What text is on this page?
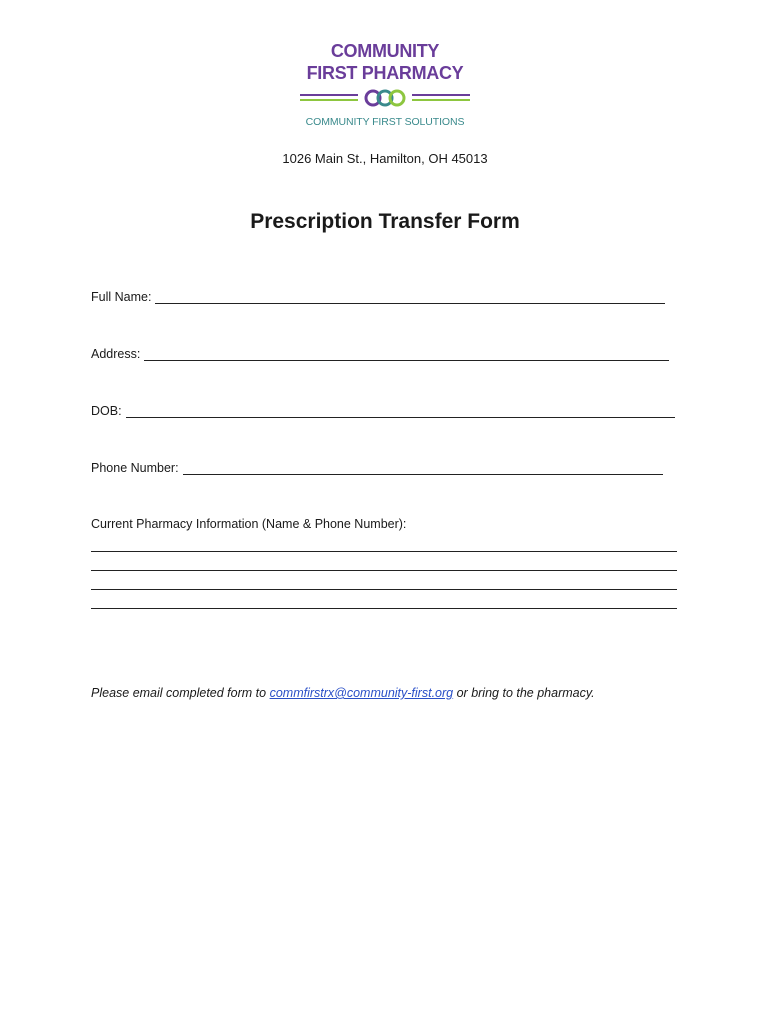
COMMUNITY
FIRST PHARMACY
COMMUNITY FIRST SOLUTIONS
1026 Main St., Hamilton, OH 45013
Prescription Transfer Form
Full Name:
Address:
DOB:
Phone Number:
Current Pharmacy Information (Name & Phone Number):
Please email completed form to commfirstrx@community-first.org or bring to the pharmacy.
